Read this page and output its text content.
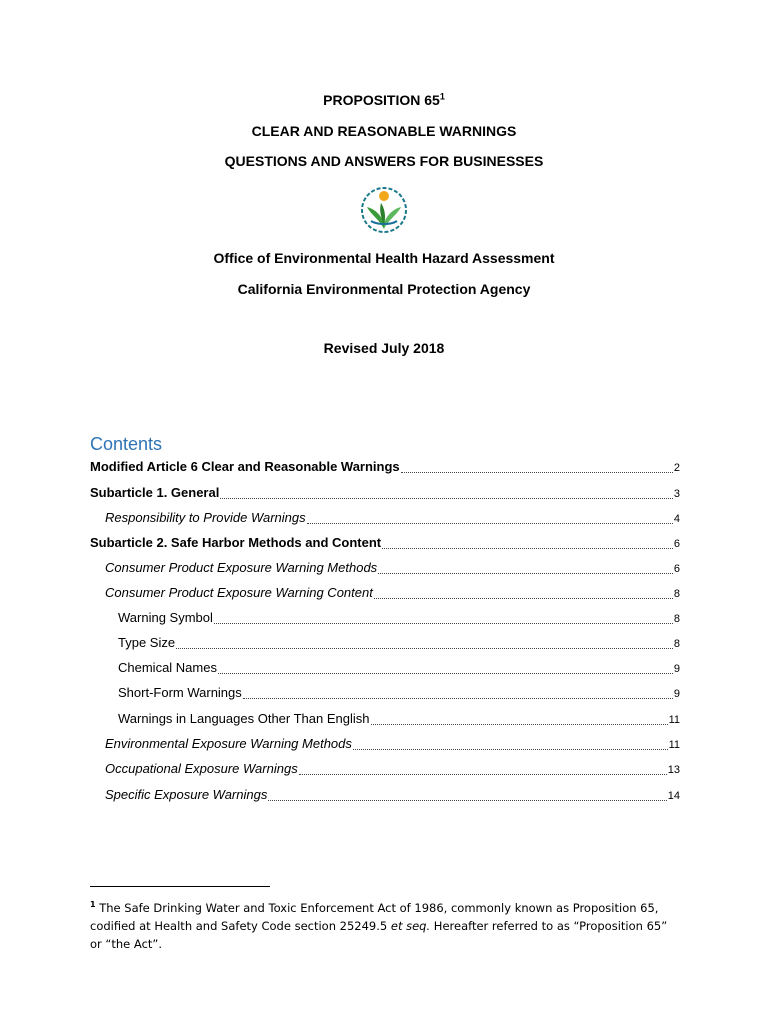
PROPOSITION $65^1$
CLEAR AND REASONABLE WARNINGS
QUESTIONS AND ANSWERS FOR BUSINESSES
Office of Environmental Health Hazard Assessment
California Environmental Protection Agency
Revised July 2018
Contents
Modified Article 6 Clear and Reasonable Warnings	2
Subarticle 1. General	3
Responsibility to Provide Warnings	4
Subarticle 2. Safe Harbor Methods and Content	6
Consumer Product Exposure Warning Methods	6
Consumer Product Exposure Warning Content	8
Warning Symbol	8
Type Size	8
Chemical Names	9
Short-Form Warnings	9
Warnings in Languages Other Than English	11
Environmental Exposure Warning Methods	11
Occupational Exposure Warnings	13
Specific Exposure Warnings	14
$^1$ The Safe Drinking Water and Toxic Enforcement Act of 1986, commonly known as Proposition 65, codified at Health and Safety Code section 25249.5 et seq. Hereafter referred to as “Proposition 65” or “the Act”.
